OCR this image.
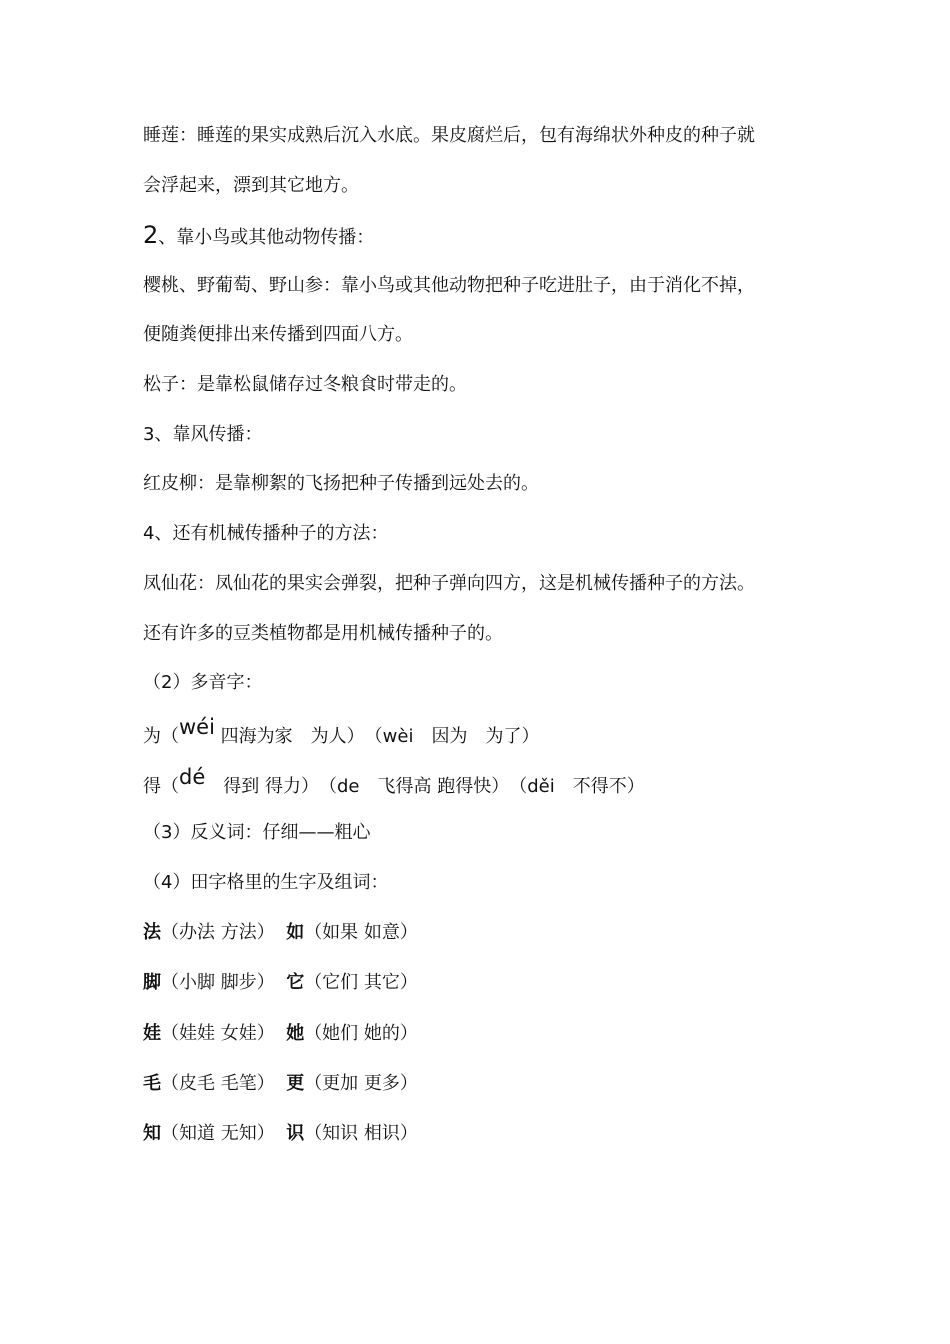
睡莲：睡莲的果实成熟后沉入水底。果皮腐烂后，包有海绵状外种皮的种子就
会浮起来，漂到其它地方。
2、靠小鸟或其他动物传播：
樱桃、野葡萄、野山参：靠小鸟或其他动物把种子吃进肚子，由于消化不掉，
便随粪便排出来传播到四面八方。
松子：是靠松鼠储存过冬粮食时带走的。
3、靠风传播：
红皮柳：是靠柳絮的飞扬把种子传播到远处去的。
4、还有机械传播种子的方法：
凤仙花：凤仙花的果实会弹裂，把种子弹向四方，这是机械传播种子的方法。
还有许多的豆类植物都是用机械传播种子的。
（2）多音字：
为（wéi 四海为家　为人）　（wèi　因为　为了）
得（dé　得到 得力）　（de　飞得高 跑得快）　（děi　不得不）
（3）反义词：仔细——粗心
（4）田字格里的生字及组词：
法（办法 方法） 如（如果 如意）
脚（小脚 脚步） 它（它们 其它）
娃（娃娃 女娃） 她（她们 她的）
毛（皮毛 毛笔） 更（更加 更多）
知（知道 无知） 识（知识 相识）
